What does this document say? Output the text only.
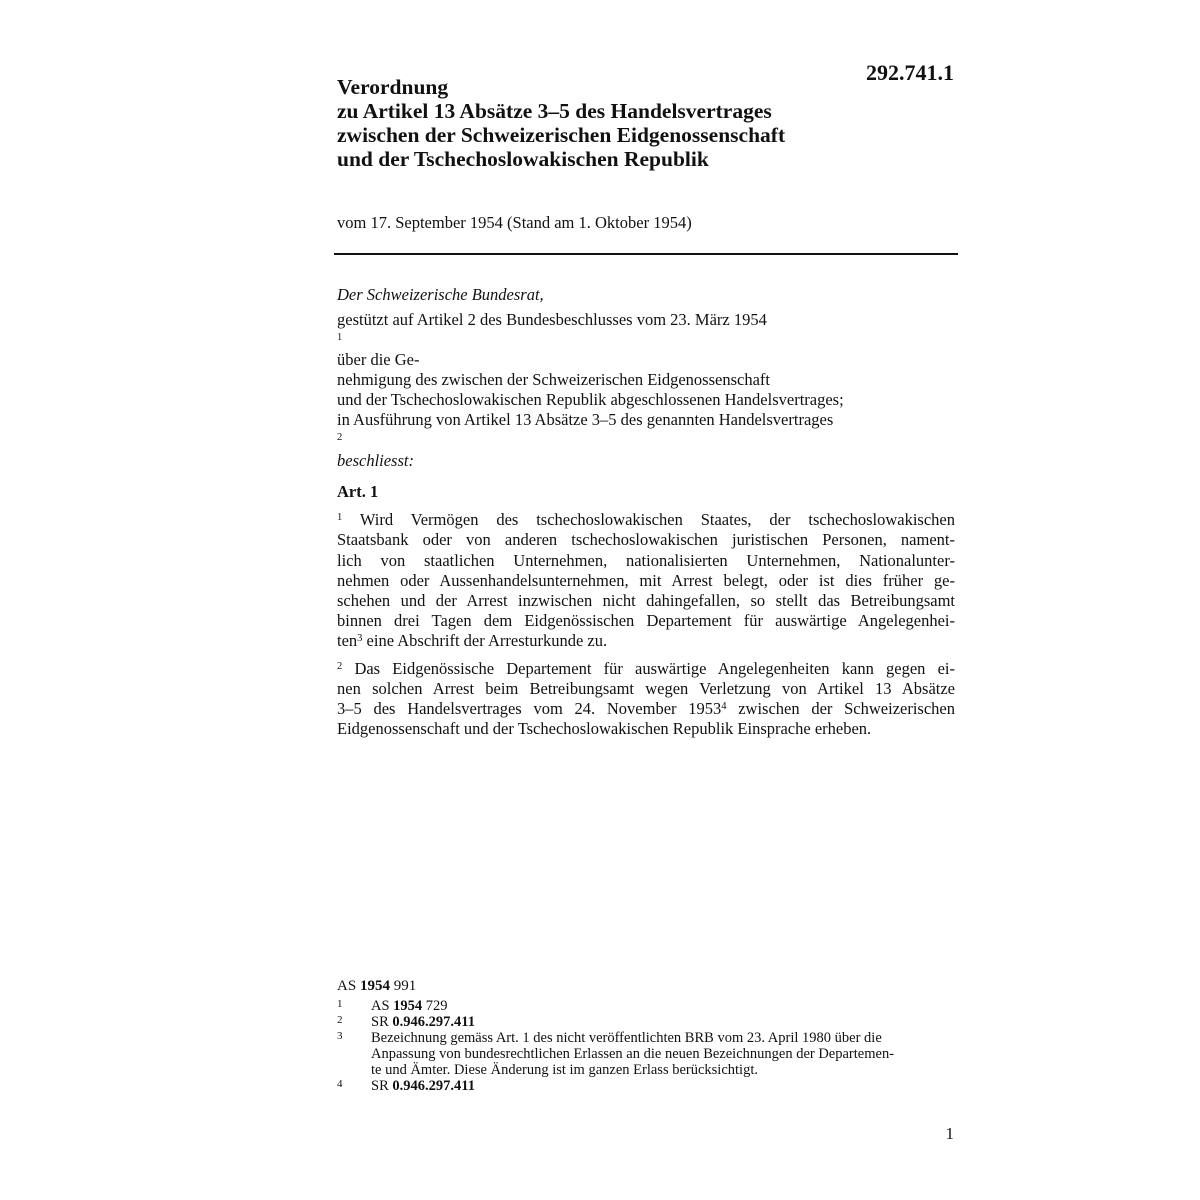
292.741.1
Verordnung
zu Artikel 13 Absätze 3–5 des Handelsvertrages
zwischen der Schweizerischen Eidgenossenschaft
und der Tschechoslowakischen Republik
vom 17. September 1954 (Stand am 1. Oktober 1954)
Der Schweizerische Bundesrat,
gestützt auf Artikel 2 des Bundesbeschlusses vom 23. März 1954
$^1$
über die Ge-
nehmigung des zwischen der Schweizerischen Eidgenossenschaft
und der Tschechoslowakischen Republik abgeschlossenen Handelsvertrages;
in Ausführung von Artikel 13 Absätze 3–5 des genannten Handelsvertrages
$^2$
beschliesst:
Art. 1
$^1$ Wird Vermögen des tschechoslowakischen Staates, der tschechoslowakischen
Staatsbank oder von anderen tschechoslowakischen juristischen Personen, nament-
lich von staatlichen Unternehmen, nationalisierten Unternehmen, Nationalunter-
nehmen oder Aussenhandelsunternehmen, mit Arrest belegt, oder ist dies früher ge-
schehen und der Arrest inzwischen nicht dahingefallen, so stellt das Betreibungsamt
binnen drei Tagen dem Eidgenössischen Departement für auswärtige Angelegenhei-
ten$^3$ eine Abschrift der Arresturkunde zu.
$^2$ Das Eidgenössische Departement für auswärtige Angelegenheiten kann gegen ei-
nen solchen Arrest beim Betreibungsamt wegen Verletzung von Artikel 13 Absätze
3–5 des Handelsvertrages vom 24. November 1953$^4$ zwischen der Schweizerischen
Eidgenossenschaft und der Tschechoslowakischen Republik Einsprache erheben.
AS 1954 991
1 AS 1954 729
2 SR 0.946.297.411
3 Bezeichnung gemäss Art. 1 des nicht veröffentlichten BRB vom 23. April 1980 über die
Anpassung von bundesrechtlichen Erlassen an die neuen Bezeichnungen der Departemen-
te und Ämter. Diese Änderung ist im ganzen Erlass berücksichtigt.
4 SR 0.946.297.411
1
